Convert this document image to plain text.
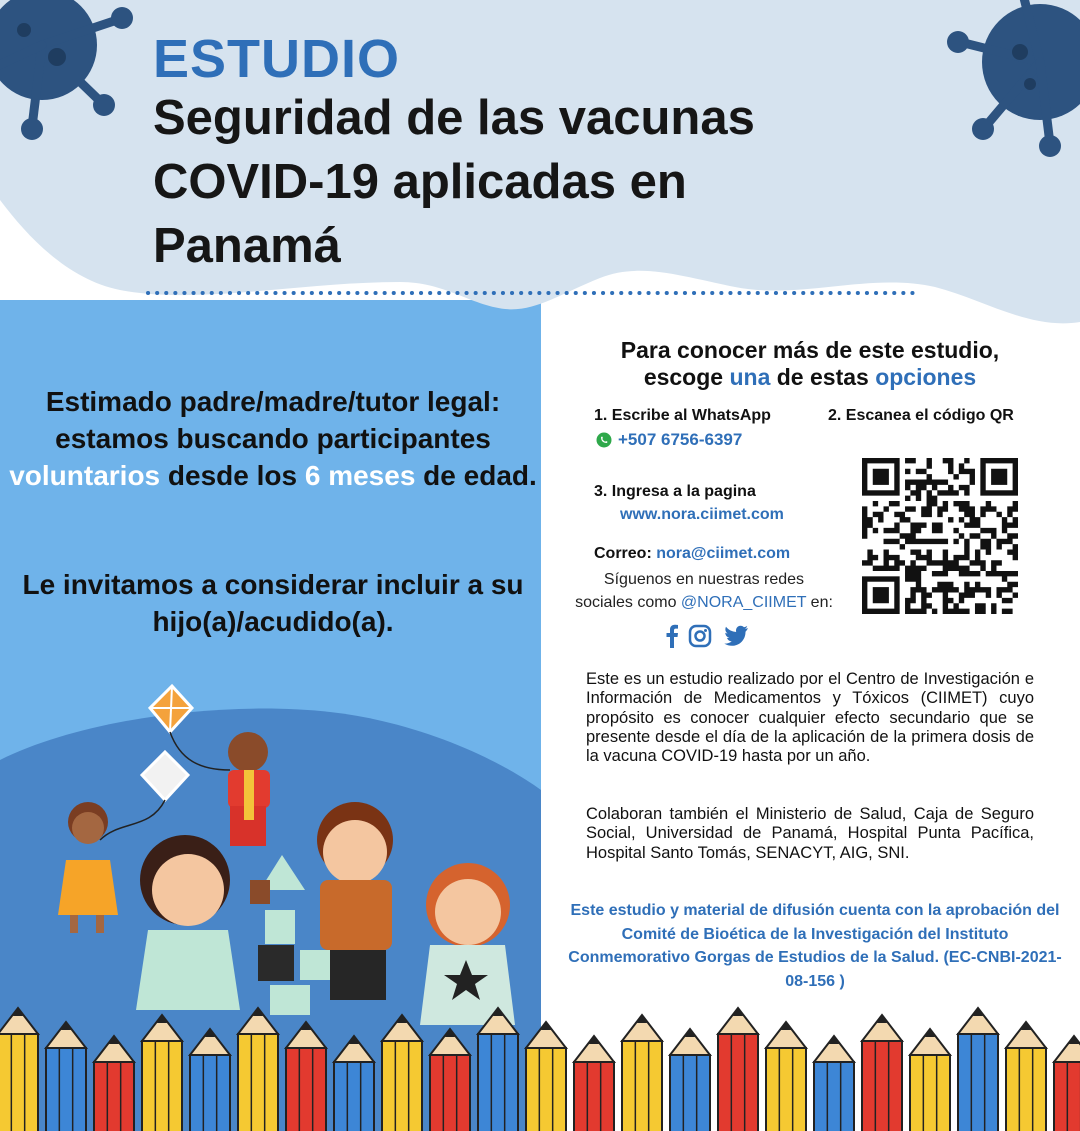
ESTUDIO
Seguridad de las vacunas
COVID-19 aplicadas en
Panamá
Estimado padre/madre/tutor legal: estamos buscando participantes voluntarios desde los 6 meses de edad.
Le invitamos a considerar incluir a su hijo(a)/acudido(a).
Para conocer más de este estudio,
escoge una de estas opciones
1. Escribe al WhatsApp
+507 6756-6397
2. Escanea el código QR
3. Ingresa a la pagina
www.nora.ciimet.com
Correo: nora@ciimet.com
Síguenos en nuestras redes
sociales como @NORA_CIIMET en:
Este es un estudio realizado por el Centro de Investigación e Información de Medicamentos y Tóxicos (CIIMET) cuyo propósito es conocer cualquier efecto secundario que se presente desde el día de la aplicación de la primera dosis de la vacuna COVID-19 hasta por un año.
Colaboran también el Ministerio de Salud, Caja de Seguro Social, Universidad de Panamá, Hospital Punta Pacífica, Hospital Santo Tomás, SENACYT, AIG, SNI.
Este estudio y material de difusión cuenta con la aprobación del Comité de Bioética de la Investigación del Instituto Conmemorativo Gorgas de Estudios de la Salud. (EC-CNBI-2021-08-156 )
